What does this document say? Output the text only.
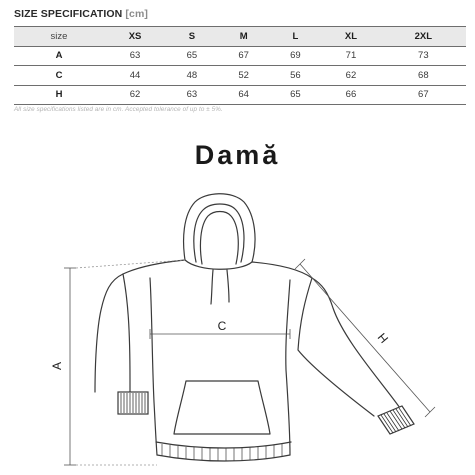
SIZE SPECIFICATION [cm]
size	XS	S	M	L	XL	2XL
A	63	65	67	69	71	73
C	44	48	52	56	62	68
H	62	63	64	65	66	67
All size specifications listed are in cm. Accepted tolerance of up to ± 5%.
Damă
A
C
H
